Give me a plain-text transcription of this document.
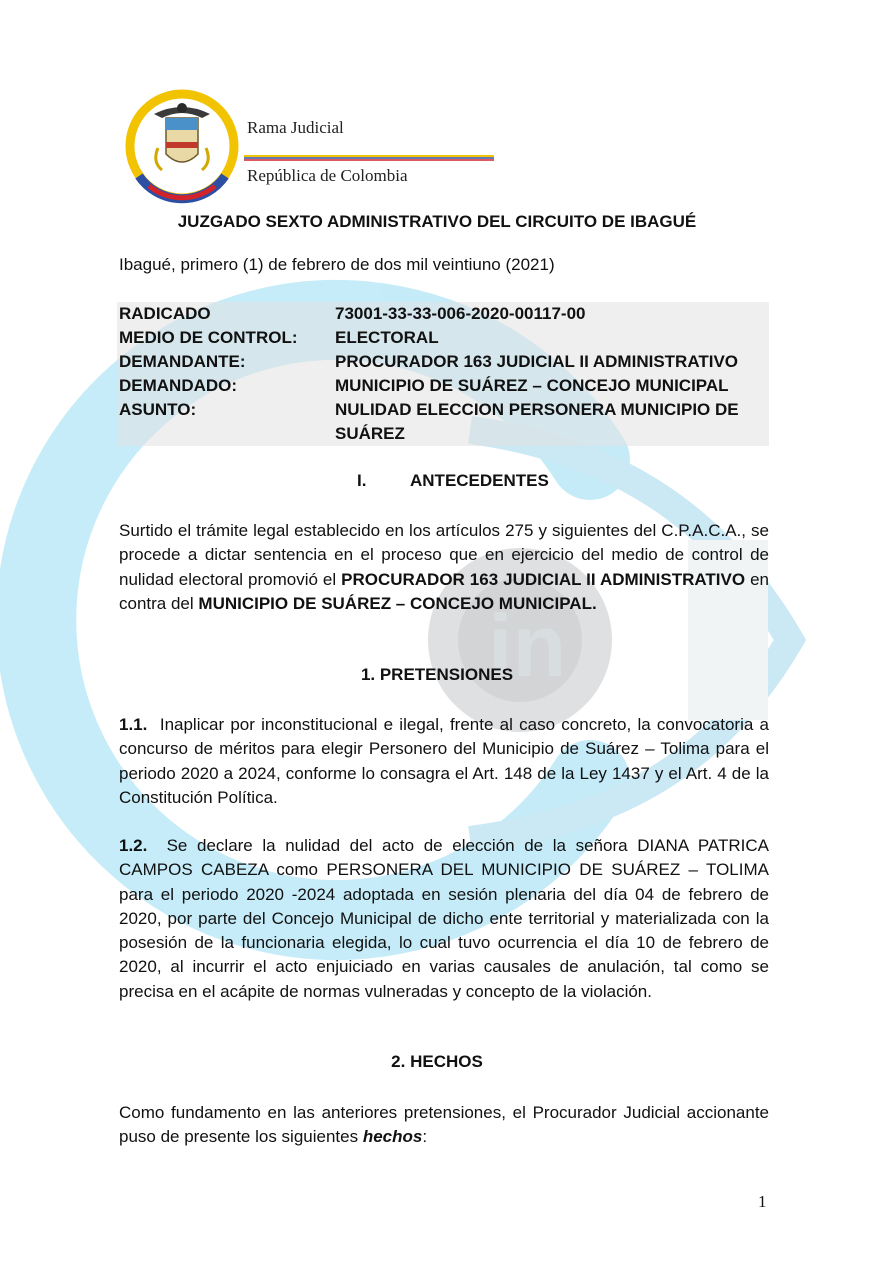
in
Rama Judicial
República de Colombia
JUZGADO SEXTO ADMINISTRATIVO DEL CIRCUITO DE IBAGUÉ
Ibagué, primero (1) de febrero de dos mil veintiuno (2021)
RADICADO	73001-33-33-006-2020-00117-00
MEDIO DE CONTROL: ELECTORAL
DEMANDANTE:	PROCURADOR 163 JUDICIAL II ADMINISTRATIVO
DEMANDADO:	MUNICIPIO DE SUÁREZ – CONCEJO MUNICIPAL
ASUNTO:	NULIDAD ELECCION PERSONERA MUNICIPIO DE SUÁREZ
I.	ANTECEDENTES

Surtido el trámite legal establecido en los artículos 275 y siguientes del C.P.A.C.A., se procede a dictar sentencia en el proceso que en ejercicio del medio de control de nulidad electoral promovió el PROCURADOR 163 JUDICIAL II ADMINISTRATIVO en contra del MUNICIPIO DE SUÁREZ – CONCEJO MUNICIPAL.

1. PRETENSIONES

1.1. Inaplicar por inconstitucional e ilegal, frente al caso concreto, la convocatoria a concurso de méritos para elegir Personero del Municipio de Suárez – Tolima para el periodo 2020 a 2024, conforme lo consagra el Art. 148 de la Ley 1437 y el Art. 4 de la Constitución Política.

1.2. Se declare la nulidad del acto de elección de la señora DIANA PATRICA CAMPOS CABEZA como PERSONERA DEL MUNICIPIO DE SUÁREZ – TOLIMA para el periodo 2020 -2024 adoptada en sesión plenaria del día 04 de febrero de 2020, por parte del Concejo Municipal de dicho ente territorial y materializada con la posesión de la funcionaria elegida, lo cual tuvo ocurrencia el día 10 de febrero de 2020, al incurrir el acto enjuiciado en varias causales de anulación, tal como se precisa en el acápite de normas vulneradas y concepto de la violación.

2. HECHOS

Como fundamento en las anteriores pretensiones, el Procurador Judicial accionante puso de presente los siguientes hechos:

1
